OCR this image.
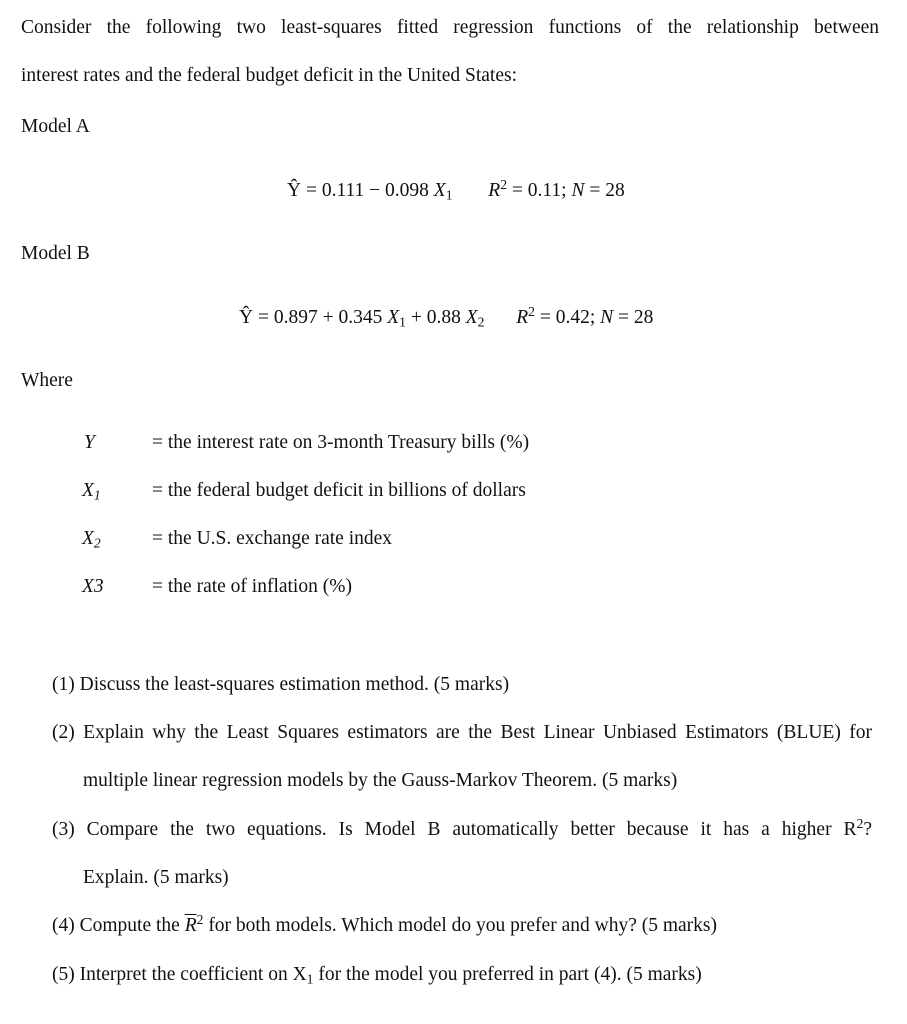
Consider the following two least-squares fitted regression functions of the relationship between
interest rates and the federal budget deficit in the United States:
Model A
Ŷ = 0.111 − 0.098 $X_1$ $R^2 = 0.11$; N = 28
Model B
Ŷ = 0.897 + 0.345 $X_1 + 0.88$ $X_2$ $R^2 = 0.42$; N = 28
Where
Y	= the interest rate on 3-month Treasury bills (%)
$X_1$	= the federal budget deficit in billions of dollars
$X_2$	= the U.S. exchange rate index
X3 = the rate of inflation (%)
(1) Discuss the least-squares estimation method. (5 marks)
(2) Explain why the Least Squares estimators are the Best Linear Unbiased Estimators (BLUE) for
multiple linear regression models by the Gauss-Markov Theorem. (5 marks)
(3) Compare the two equations. Is Model B automatically better because it has a higher $R^2$?
Explain. (5 marks)
(4) Compute the $\overline{R}^2$ for both models. Which model do you prefer and why? (5 marks)
(5) Interpret the coefficient on $X_1$ for the model you preferred in part (4). (5 marks)
